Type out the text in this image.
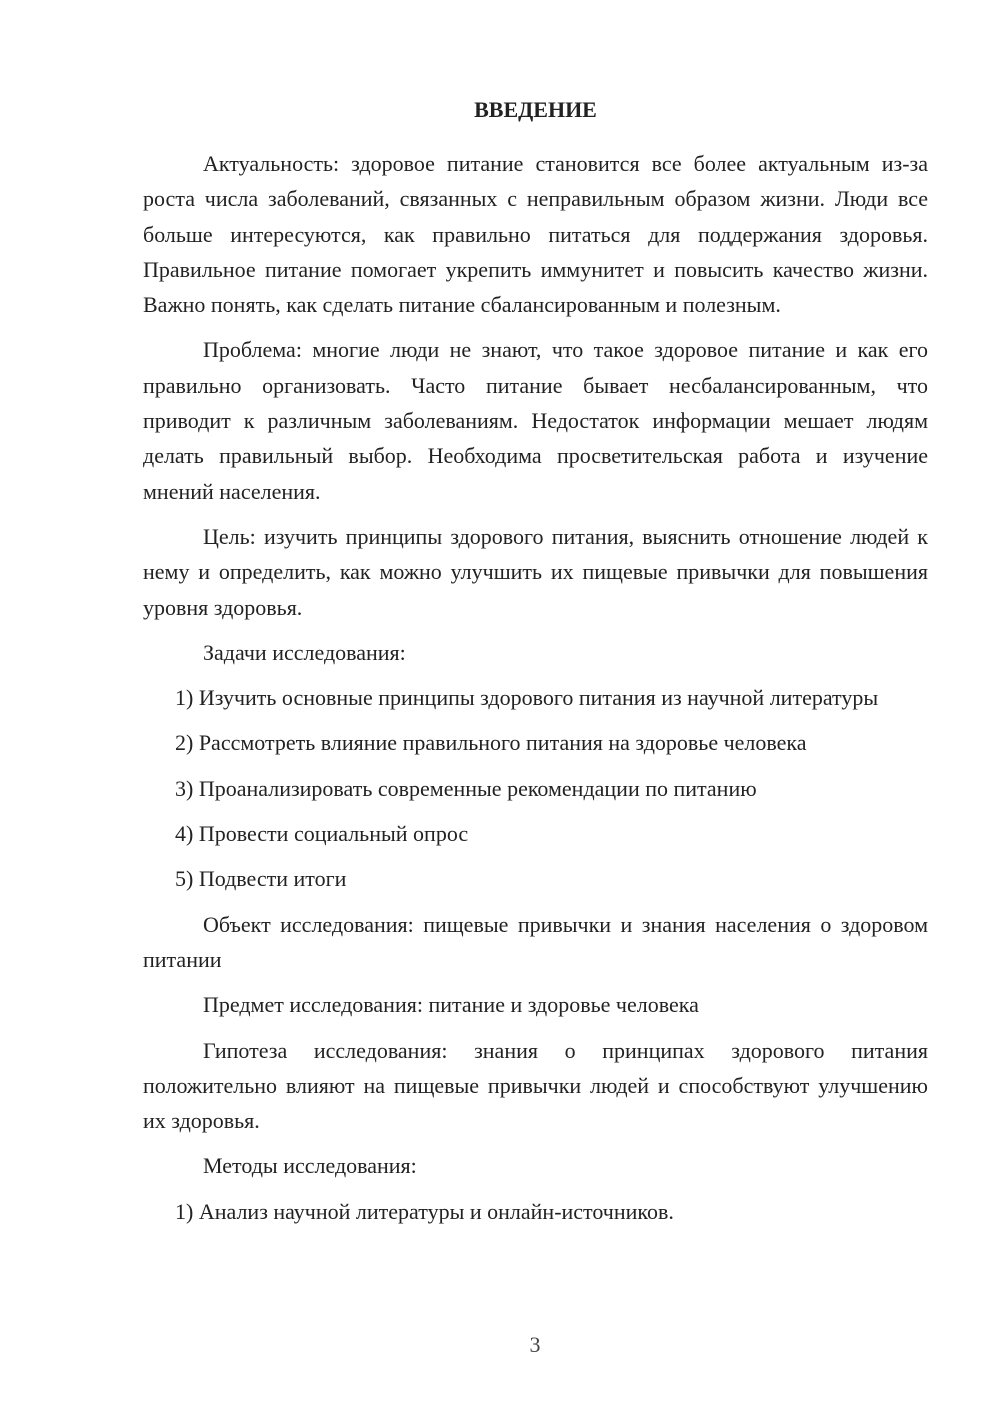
ВВЕДЕНИЕ

Актуальность: здоровое питание становится все более актуальным из-за роста числа заболеваний, связанных с неправильным образом жизни. Люди все больше интересуются, как правильно питаться для поддержания здоровья. Правильное питание помогает укрепить иммунитет и повысить качество жизни. Важно понять, как сделать питание сбалансированным и полезным.

Проблема: многие люди не знают, что такое здоровое питание и как его правильно организовать. Часто питание бывает несбалансированным, что приводит к различным заболеваниям. Недостаток информации мешает людям делать правильный выбор. Необходима просветительская работа и изучение мнений населения.

Цель: изучить принципы здорового питания, выяснить отношение людей к нему и определить, как можно улучшить их пищевые привычки для повышения уровня здоровья.

Задачи исследования:

1) Изучить основные принципы здорового питания из научной литературы

2) Рассмотреть влияние правильного питания на здоровье человека

3) Проанализировать современные рекомендации по питанию

4) Провести социальный опрос

5) Подвести итоги

Объект исследования: пищевые привычки и знания населения о здоровом питании

Предмет исследования: питание и здоровье человека

Гипотеза исследования: знания о принципах здорового питания положительно влияют на пищевые привычки людей и способствуют улучшению их здоровья.

Методы исследования:

1) Анализ научной литературы и онлайн-источников.

3
